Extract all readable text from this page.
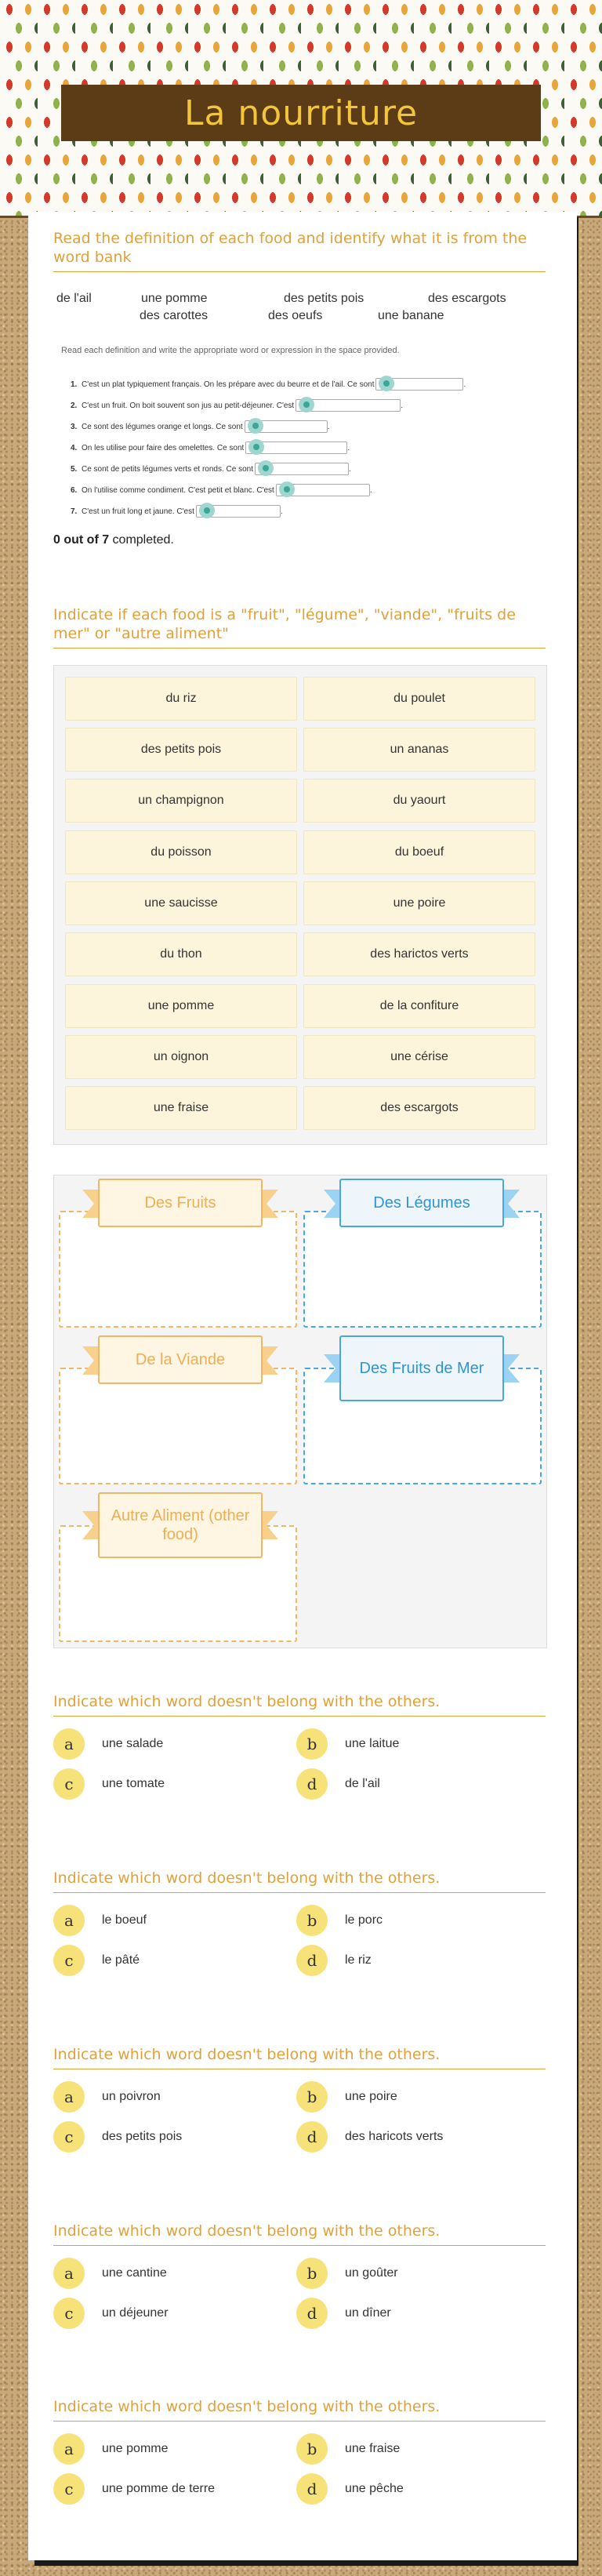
La nourriture
Read the definition of each food and identify what it is from the word bank
de l'ail	une pomme	des petits pois	des escargots
des carottes	des oeufs	une banane
Read each definition and write the appropriate word or expression in the space provided.
1. C'est un plat typiquement français. On les prépare avec du beurre et de l'ail. Ce sont	.
2. C'est un fruit. On boit souvent son jus au petit-déjeuner. C'est	.
3. Ce sont des légumes orange et longs. Ce sont	.
4. On les utilise pour faire des omelettes. Ce sont	.
5. Ce sont de petits légumes verts et ronds. Ce sont	.
6. On l'utilise comme condiment. C'est petit et blanc. C'est	.
7. C'est un fruit long et jaune. C'est	.
0 out of 7 completed.
Indicate if each food is a "fruit", "légume", "viande", "fruits de mer" or "autre aliment"
du riz	du poulet
des petits pois	un ananas
un champignon	du yaourt
du poisson	du boeuf
une saucisse	une poire
du thon	des harictos verts
une pomme	de la confiture
un oignon	une cérise
une fraise	des escargots
Des Fruits	Des Légumes
De la Viande	Des Fruits de Mer
Autre Aliment (other food)
Indicate which word doesn't belong with the others.
a	une salade	b	une laitue
c	une tomate	d	de l'ail
Indicate which word doesn't belong with the others.
a	le boeuf	b	le porc
c	le pâté	d	le riz
Indicate which word doesn't belong with the others.
a	un poivron	b	une poire
c	des petits pois	d	des haricots verts
Indicate which word doesn't belong with the others.
a	une cantine	b	un goûter
c	un déjeuner	d	un dîner
Indicate which word doesn't belong with the others.
a	une pomme	b	une fraise
c	une pomme de terre	d	une pêche
